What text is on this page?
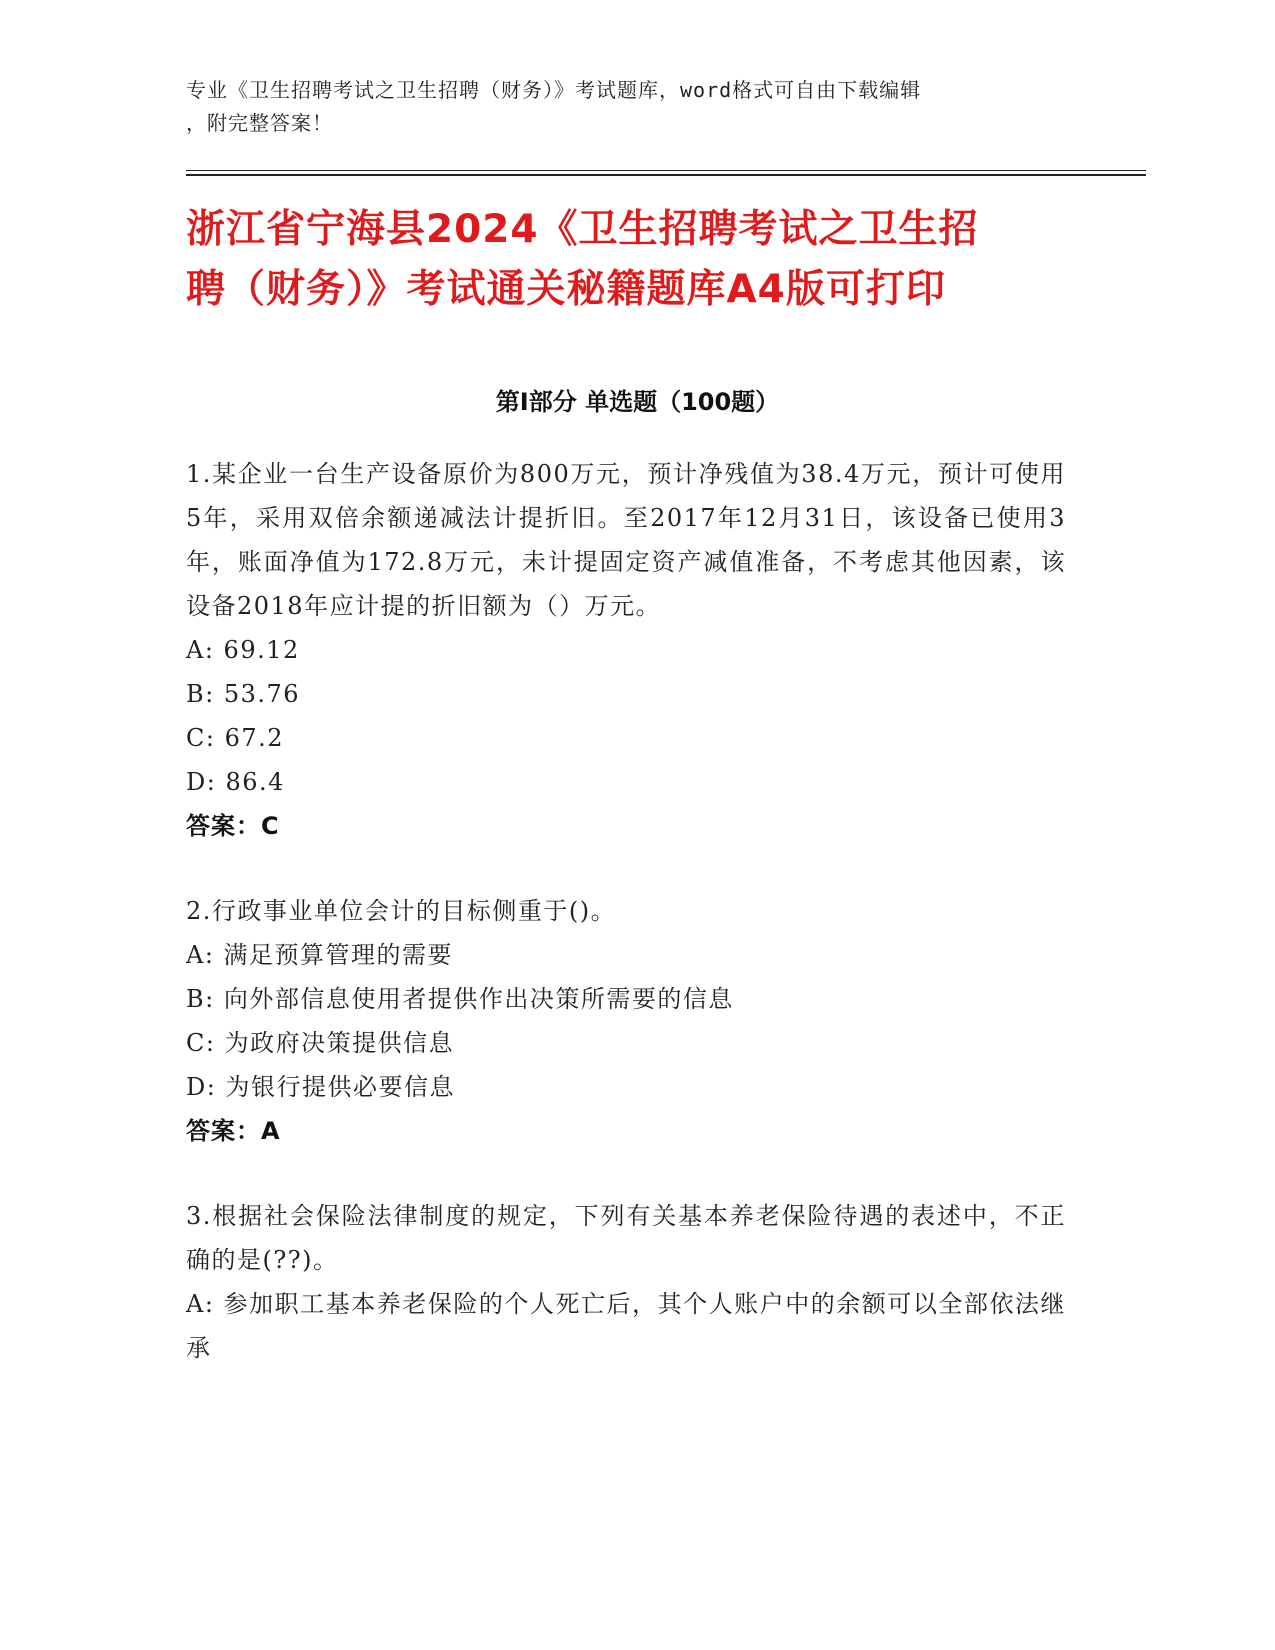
专业《卫生招聘考试之卫生招聘（财务）》考试题库，word格式可自由下载编辑
，附完整答案！
浙江省宁海县2024《卫生招聘考试之卫生招
聘（财务）》考试通关秘籍题库A4版可打印
第Ⅰ部分 单选题（100题）

1.某企业一台生产设备原价为800万元，预计净残值为38.4万元，预计可使用5年，采用双倍余额递减法计提折旧。至2017年12月31日，该设备已使用3年，账面净值为172.8万元，未计提固定资产减值准备，不考虑其他因素，该设备2018年应计提的折旧额为（）万元。

A: 69.12

B: 53.76

C: 67.2

D: 86.4

答案：C

2.行政事业单位会计的目标侧重于()。

A: 满足预算管理的需要

B: 向外部信息使用者提供作出决策所需要的信息

C: 为政府决策提供信息

D: 为银行提供必要信息

答案：A

3.根据社会保险法律制度的规定，下列有关基本养老保险待遇的表述中，不正确的是(??)。

A: 参加职工基本养老保险的个人死亡后，其个人账户中的余额可以全部依法继承
